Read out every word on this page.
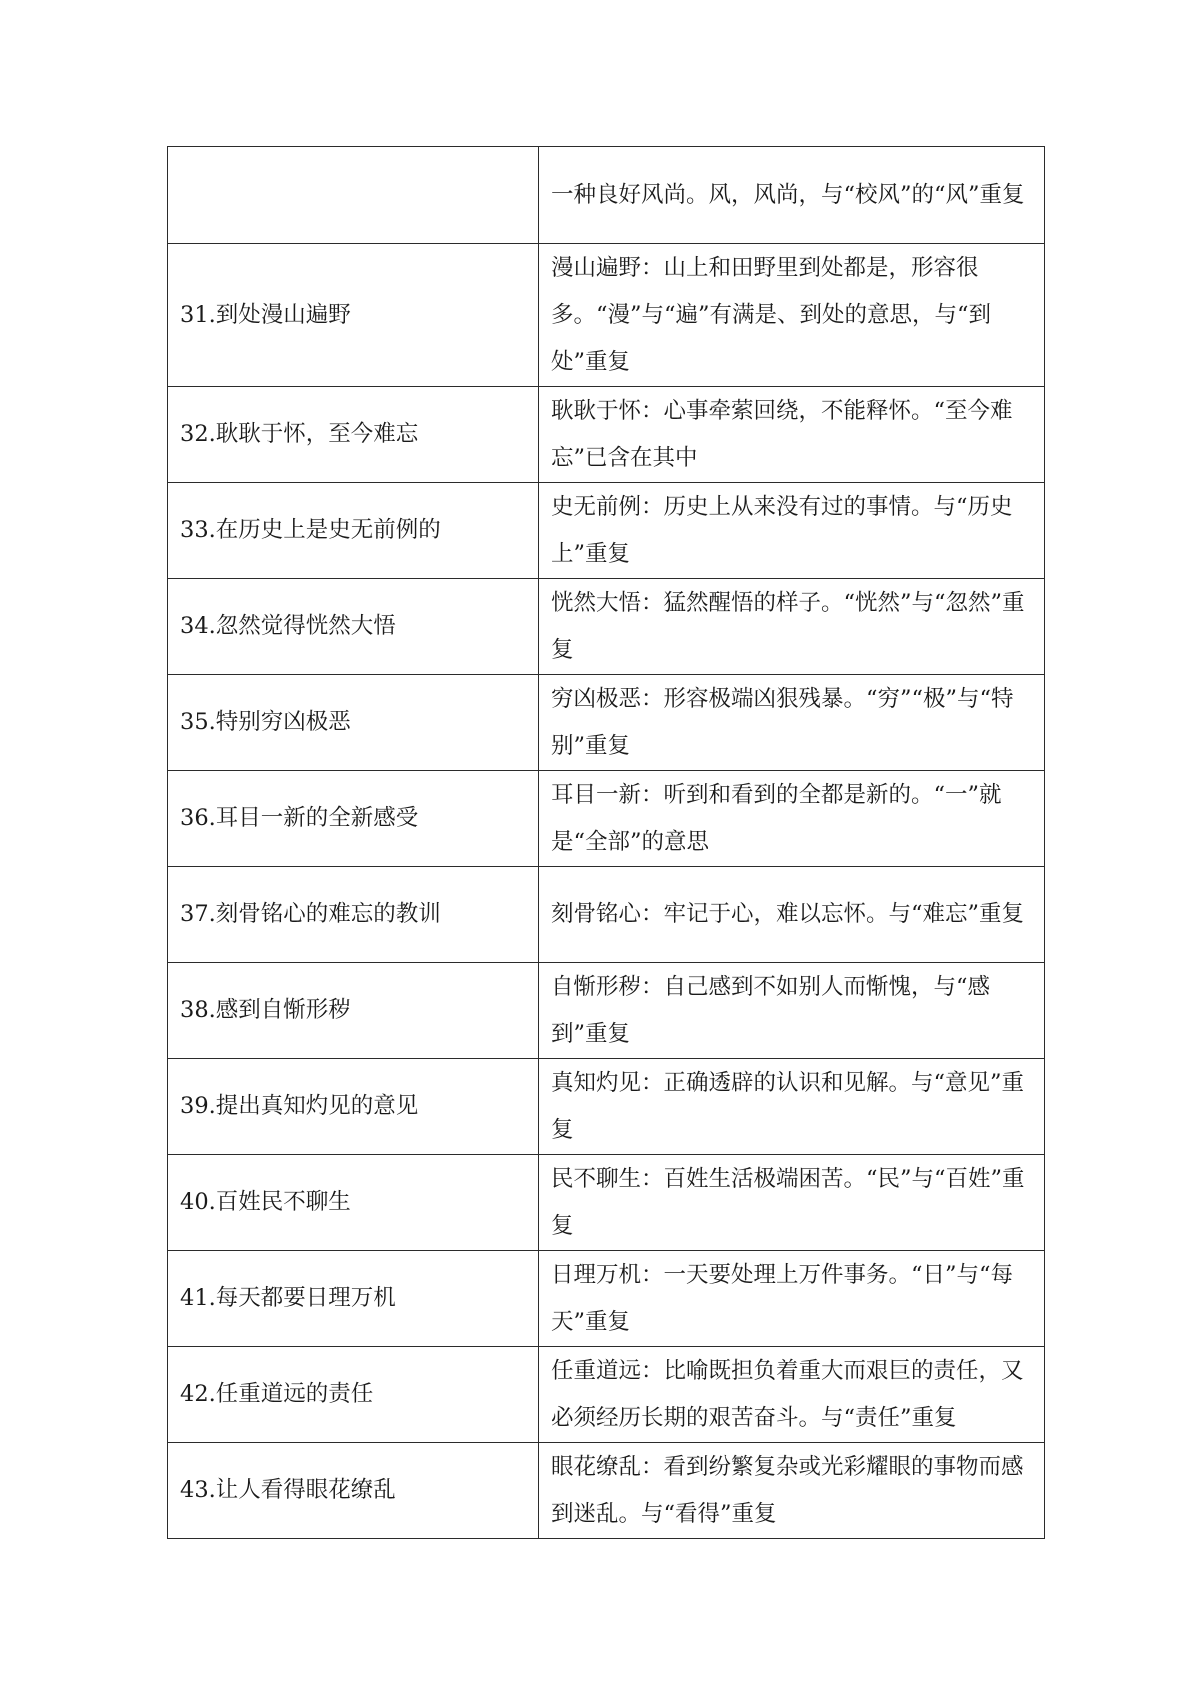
	一种良好风尚。风，风尚，与“校风”的“风”重复
31.到处漫山遍野	漫山遍野：山上和田野里到处都是，形容很多。“漫”与“遍”有满是、到处的意思，与“到处”重复
32.耿耿于怀，至今难忘	耿耿于怀：心事牵萦回绕，不能释怀。“至今难忘”已含在其中
33.在历史上是史无前例的	史无前例：历史上从来没有过的事情。与“历史上”重复
34.忽然觉得恍然大悟	恍然大悟：猛然醒悟的样子。“恍然”与“忽然”重复
35.特别穷凶极恶	穷凶极恶：形容极端凶狠残暴。“穷”“极”与“特别”重复
36.耳目一新的全新感受	耳目一新：听到和看到的全都是新的。“一”就是“全部”的意思
37.刻骨铭心的难忘的教训	刻骨铭心：牢记于心，难以忘怀。与“难忘”重复
38.感到自惭形秽	自惭形秽：自己感到不如别人而惭愧，与“感到”重复
39.提出真知灼见的意见	真知灼见：正确透辟的认识和见解。与“意见”重复
40.百姓民不聊生	民不聊生：百姓生活极端困苦。“民”与“百姓”重复
41.每天都要日理万机	日理万机：一天要处理上万件事务。“日”与“每天”重复
42.任重道远的责任	任重道远：比喻既担负着重大而艰巨的责任，又必须经历长期的艰苦奋斗。与“责任”重复
43.让人看得眼花缭乱	眼花缭乱：看到纷繁复杂或光彩耀眼的事物而感到迷乱。与“看得”重复
